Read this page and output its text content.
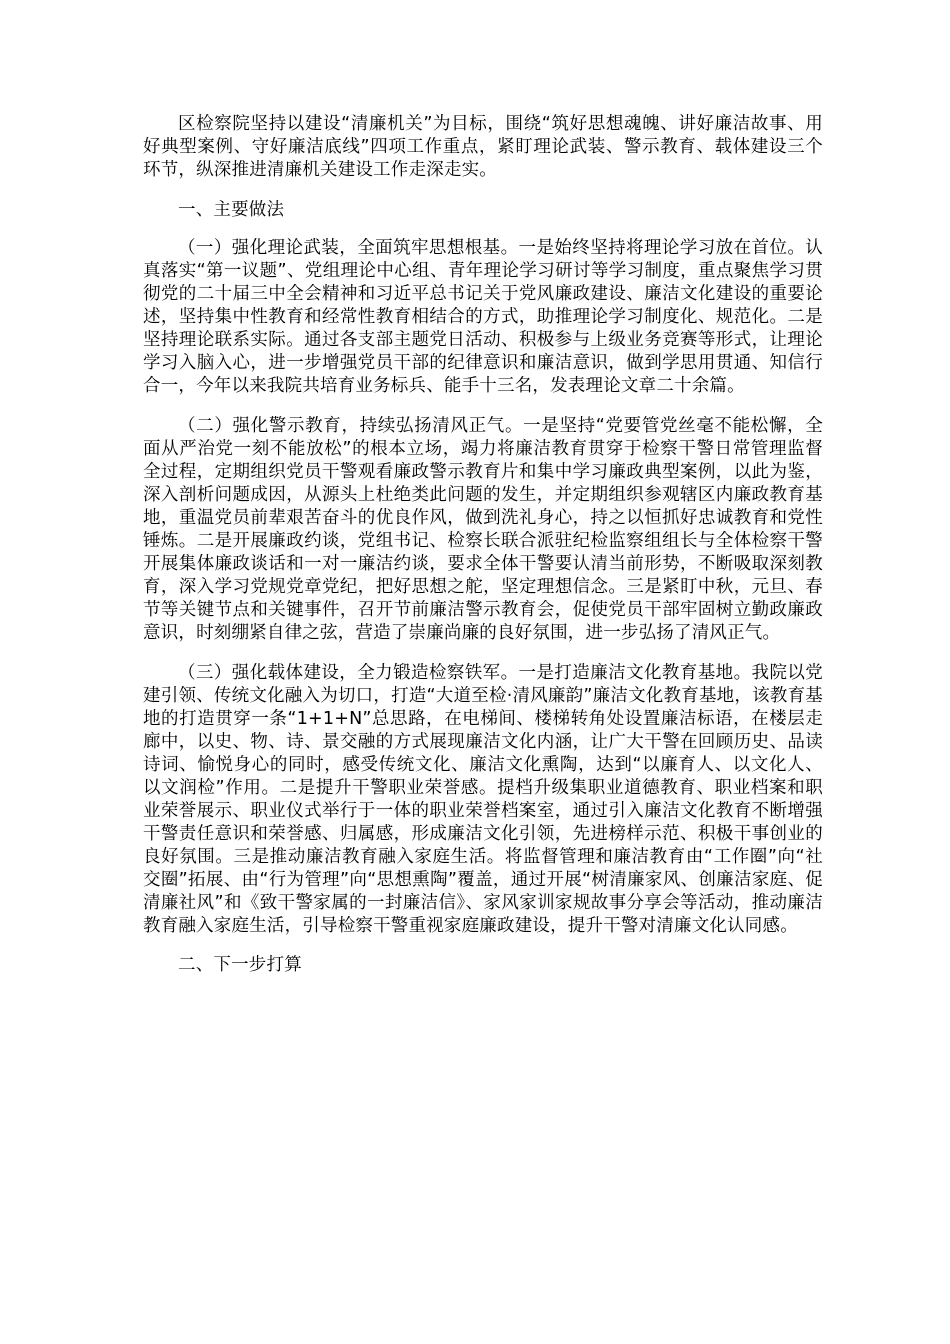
区检察院坚持以建设“清廉机关”为目标，围绕“筑好思想魂魄、讲好廉洁故事、用好典型案例、守好廉洁底线”四项工作重点，紧盯理论武装、警示教育、载体建设三个环节，纵深推进清廉机关建设工作走深走实。

一、主要做法

（一）强化理论武装，全面筑牢思想根基。一是始终坚持将理论学习放在首位。认真落实“第一议题”、党组理论中心组、青年理论学习研讨等学习制度，重点聚焦学习贯彻党的二十届三中全会精神和习近平总书记关于党风廉政建设、廉洁文化建设的重要论述，坚持集中性教育和经常性教育相结合的方式，助推理论学习制度化、规范化。二是坚持理论联系实际。通过各支部主题党日活动、积极参与上级业务竞赛等形式，让理论学习入脑入心，进一步增强党员干部的纪律意识和廉洁意识，做到学思用贯通、知信行合一，今年以来我院共培育业务标兵、能手十三名，发表理论文章二十余篇。

（二）强化警示教育，持续弘扬清风正气。一是坚持“党要管党丝毫不能松懈，全面从严治党一刻不能放松”的根本立场，竭力将廉洁教育贯穿于检察干警日常管理监督全过程，定期组织党员干警观看廉政警示教育片和集中学习廉政典型案例，以此为鉴，深入剖析问题成因，从源头上杜绝类此问题的发生，并定期组织参观辖区内廉政教育基地，重温党员前辈艰苦奋斗的优良作风，做到洗礼身心，持之以恒抓好忠诚教育和党性锤炼。二是开展廉政约谈，党组书记、检察长联合派驻纪检监察组组长与全体检察干警开展集体廉政谈话和一对一廉洁约谈，要求全体干警要认清当前形势，不断吸取深刻教育，深入学习党规党章党纪，把好思想之舵，坚定理想信念。三是紧盯中秋，元旦、春节等关键节点和关键事件，召开节前廉洁警示教育会，促使党员干部牢固树立勤政廉政意识，时刻绷紧自律之弦，营造了崇廉尚廉的良好氛围，进一步弘扬了清风正气。

（三）强化载体建设，全力锻造检察铁军。一是打造廉洁文化教育基地。我院以党建引领、传统文化融入为切口，打造“大道至检·清风廉韵”廉洁文化教育基地，该教育基地的打造贯穿一条“1+1+N”总思路，在电梯间、楼梯转角处设置廉洁标语，在楼层走廊中，以史、物、诗、景交融的方式展现廉洁文化内涵，让广大干警在回顾历史、品读诗词、愉悦身心的同时，感受传统文化、廉洁文化熏陶，达到“以廉育人、以文化人、以文润检”作用。二是提升干警职业荣誉感。提档升级集职业道德教育、职业档案和职业荣誉展示、职业仪式举行于一体的职业荣誉档案室，通过引入廉洁文化教育不断增强干警责任意识和荣誉感、归属感，形成廉洁文化引领，先进榜样示范、积极干事创业的良好氛围。三是推动廉洁教育融入家庭生活。将监督管理和廉洁教育由“工作圈”向“社交圈”拓展、由“行为管理”向“思想熏陶”覆盖，通过开展“树清廉家风、创廉洁家庭、促清廉社风”和《致干警家属的一封廉洁信》、家风家训家规故事分享会等活动，推动廉洁教育融入家庭生活，引导检察干警重视家庭廉政建设，提升干警对清廉文化认同感。

二、下一步打算
